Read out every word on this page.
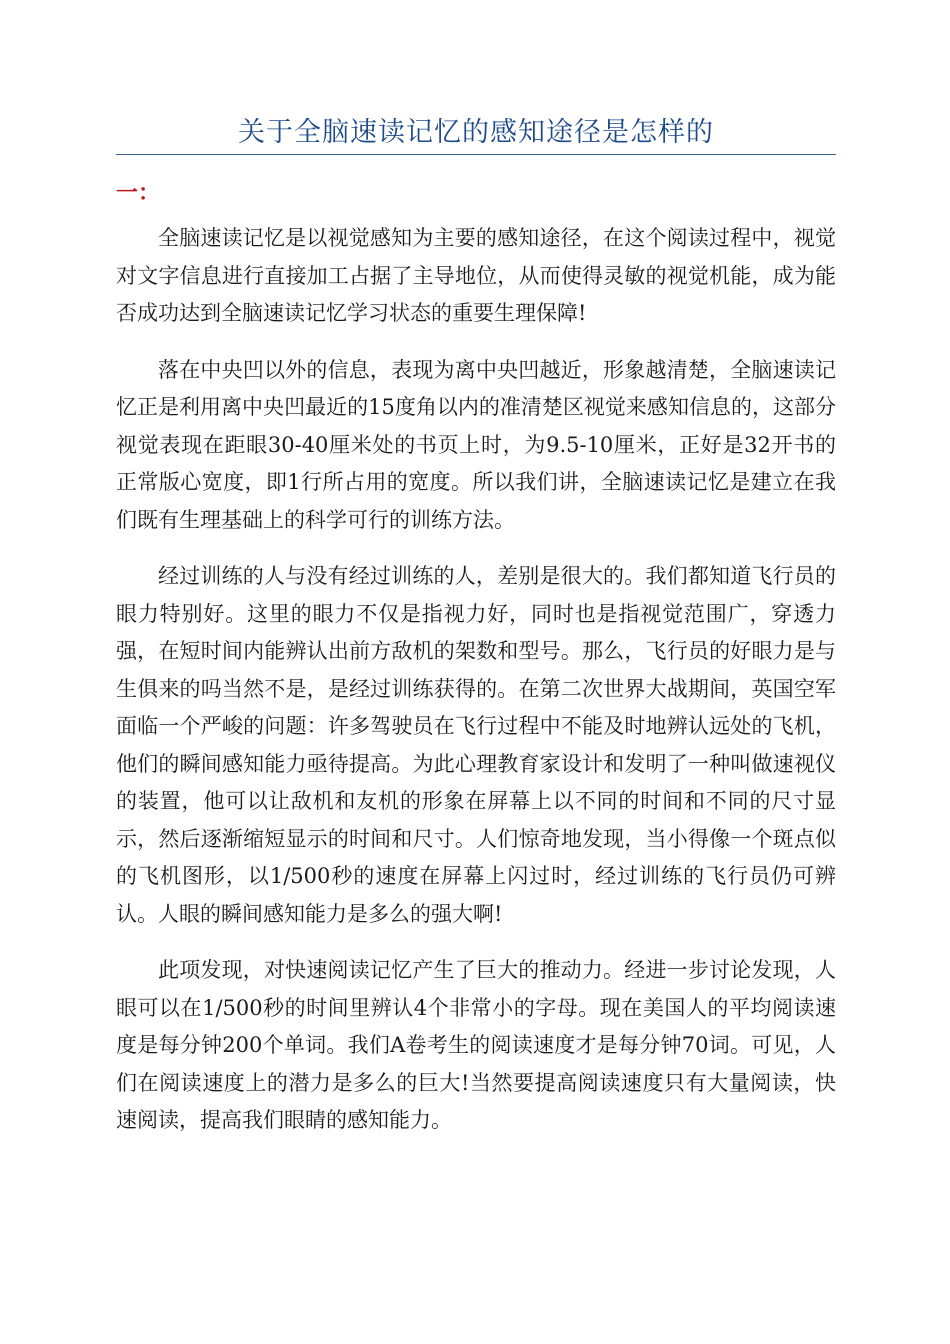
关于全脑速读记忆的感知途径是怎样的
一：

全脑速读记忆是以视觉感知为主要的感知途径，在这个阅读过程中，视觉对文字信息进行直接加工占据了主导地位，从而使得灵敏的视觉机能，成为能否成功达到全脑速读记忆学习状态的重要生理保障!

落在中央凹以外的信息，表现为离中央凹越近，形象越清楚，全脑速读记忆正是利用离中央凹最近的15度角以内的准清楚区视觉来感知信息的，这部分视觉表现在距眼30-40厘米处的书页上时，为9.5-10厘米，正好是32开书的正常版心宽度，即1行所占用的宽度。所以我们讲，全脑速读记忆是建立在我们既有生理基础上的科学可行的训练方法。

经过训练的人与没有经过训练的人，差别是很大的。我们都知道飞行员的眼力特别好。这里的眼力不仅是指视力好，同时也是指视觉范围广，穿透力强，在短时间内能辨认出前方敌机的架数和型号。那么，飞行员的好眼力是与生俱来的吗当然不是，是经过训练获得的。在第二次世界大战期间，英国空军面临一个严峻的问题：许多驾驶员在飞行过程中不能及时地辨认远处的飞机，他们的瞬间感知能力亟待提高。为此心理教育家设计和发明了一种叫做速视仪的装置，他可以让敌机和友机的形象在屏幕上以不同的时间和不同的尺寸显示，然后逐渐缩短显示的时间和尺寸。人们惊奇地发现，当小得像一个斑点似的飞机图形，以1/500秒的速度在屏幕上闪过时，经过训练的飞行员仍可辨认。人眼的瞬间感知能力是多么的强大啊!

此项发现，对快速阅读记忆产生了巨大的推动力。经进一步讨论发现，人眼可以在1/500秒的时间里辨认4个非常小的字母。现在美国人的平均阅读速度是每分钟200个单词。我们A卷考生的阅读速度才是每分钟70词。可见，人们在阅读速度上的潜力是多么的巨大!当然要提高阅读速度只有大量阅读，快速阅读，提高我们眼睛的感知能力。
